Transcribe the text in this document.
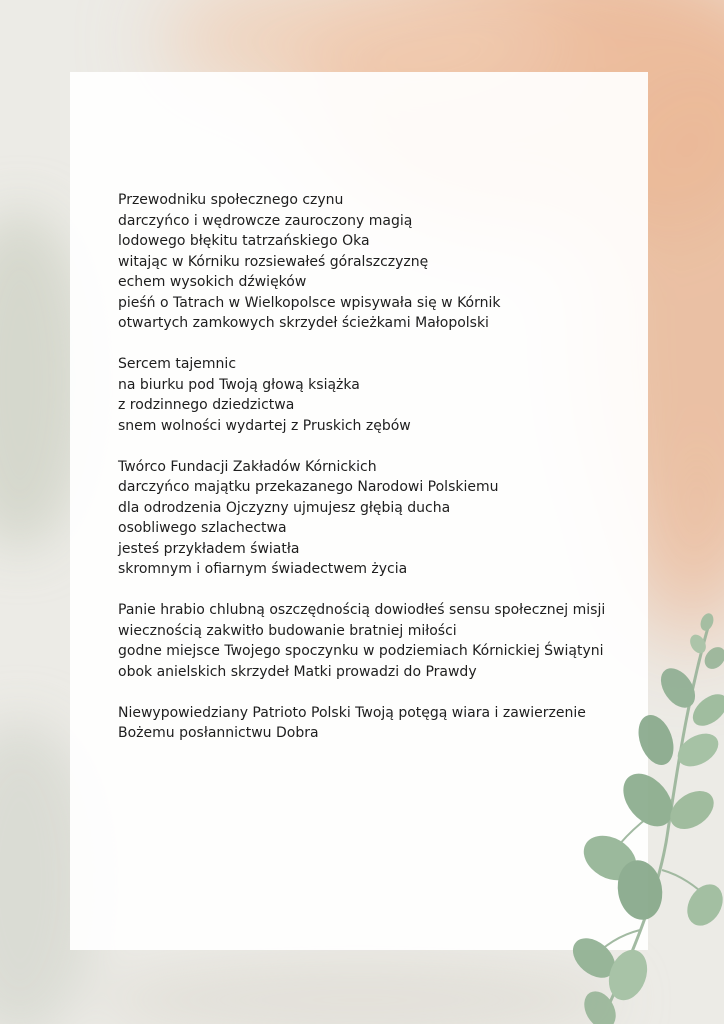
Przewodniku społecznego czynu
darczyńco i wędrowcze zauroczony magią
lodowego błękitu tatrzańskiego Oka
witając w Kórniku rozsiewałeś góralszczyznę
echem wysokich dźwięków
pieśń o Tatrach w Wielkopolsce wpisywała się w Kórnik
otwartych zamkowych skrzydeł ścieżkami Małopolski
Sercem tajemnic
na biurku pod Twoją głową książka
z rodzinnego dziedzictwa
snem wolności wydartej z Pruskich zębów
Twórco Fundacji Zakładów Kórnickich
darczyńco majątku przekazanego Narodowi Polskiemu
dla odrodzenia Ojczyzny ujmujesz głębią ducha
osobliwego szlachectwa
jesteś przykładem światła
skromnym i ofiarnym świadectwem życia
Panie hrabio chlubną oszczędnością dowiodłeś sensu społecznej misji
wiecznością zakwitło budowanie bratniej miłości
godne miejsce Twojego spoczynku w podziemiach Kórnickiej Świątyni
obok anielskich skrzydeł Matki prowadzi do Prawdy
Niewypowiedziany Patrioto Polski Twoją potęgą wiara i zawierzenie
Bożemu posłannictwu Dobra
